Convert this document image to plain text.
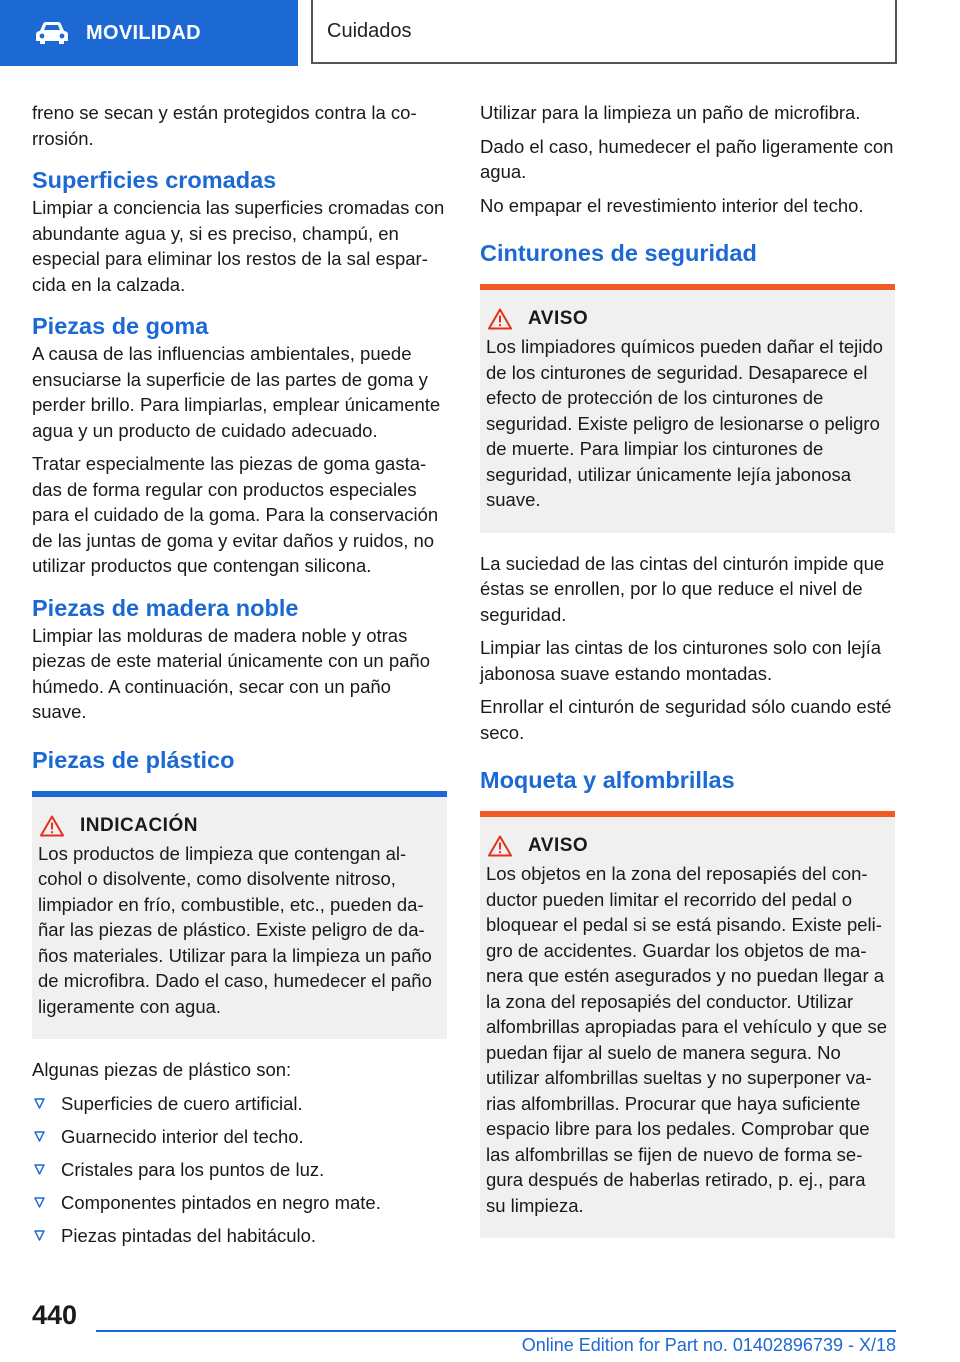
MOVILIDAD	Cuidados

freno se secan y están protegidos contra la corrosión.

Superficies cromadas

Limpiar a conciencia las superficies cromadas con abundante agua y, si es preciso, champú, en especial para eliminar los restos de la sal esparcida en la calzada.

Piezas de goma

A causa de las influencias ambientales, puede ensuciarse la superficie de las partes de goma y perder brillo. Para limpiarlas, emplear únicamente agua y un producto de cuidado adecuado.

Tratar especialmente las piezas de goma gastadas de forma regular con productos especiales para el cuidado de la goma. Para la conservación de las juntas de goma y evitar daños y ruidos, no utilizar productos que contengan silicona.

Piezas de madera noble

Limpiar las molduras de madera noble y otras piezas de este material únicamente con un paño húmedo. A continuación, secar con un paño suave.

Piezas de plástico
INDICACIÓN

Los productos de limpieza que contengan alcohol o disolvente, como disolvente nitroso, limpiador en frío, combustible, etc., pueden dañar las piezas de plástico. Existe peligro de daños materiales. Utilizar para la limpieza un paño de microfibra. Dado el caso, humedecer el paño ligeramente con agua.

Algunas piezas de plástico son:

Superficies de cuero artificial.
Guarnecido interior del techo.
Cristales para los puntos de luz.
Componentes pintados en negro mate.
Piezas pintadas del habitáculo.

Utilizar para la limpieza un paño de microfibra.

Dado el caso, humedecer el paño ligeramente con agua.

No empapar el revestimiento interior del techo.

Cinturones de seguridad
AVISO

Los limpiadores químicos pueden dañar el tejido de los cinturones de seguridad. Desaparece el efecto de protección de los cinturones de seguridad. Existe peligro de lesionarse o peligro de muerte. Para limpiar los cinturones de seguridad, utilizar únicamente lejía jabonosa suave.

La suciedad de las cintas del cinturón impide que éstas se enrollen, por lo que reduce el nivel de seguridad.

Limpiar las cintas de los cinturones solo con lejía jabonosa suave estando montadas.

Enrollar el cinturón de seguridad sólo cuando esté seco.

Moqueta y alfombrillas
AVISO

Los objetos en la zona del reposapiés del conductor pueden limitar el recorrido del pedal o bloquear el pedal si se está pisando. Existe peligro de accidentes. Guardar los objetos de manera que estén asegurados y no puedan llegar a la zona del reposapiés del conductor. Utilizar alfombrillas apropiadas para el vehículo y que se puedan fijar al suelo de manera segura. No utilizar alfombrillas sueltas y no superponer varias alfombrillas. Procurar que haya suficiente espacio libre para los pedales. Comprobar que las alfombrillas se fijen de nuevo de forma segura después de haberlas retirado, p. ej., para su limpieza.

440
Online Edition for Part no. 01402896739 - X/18
